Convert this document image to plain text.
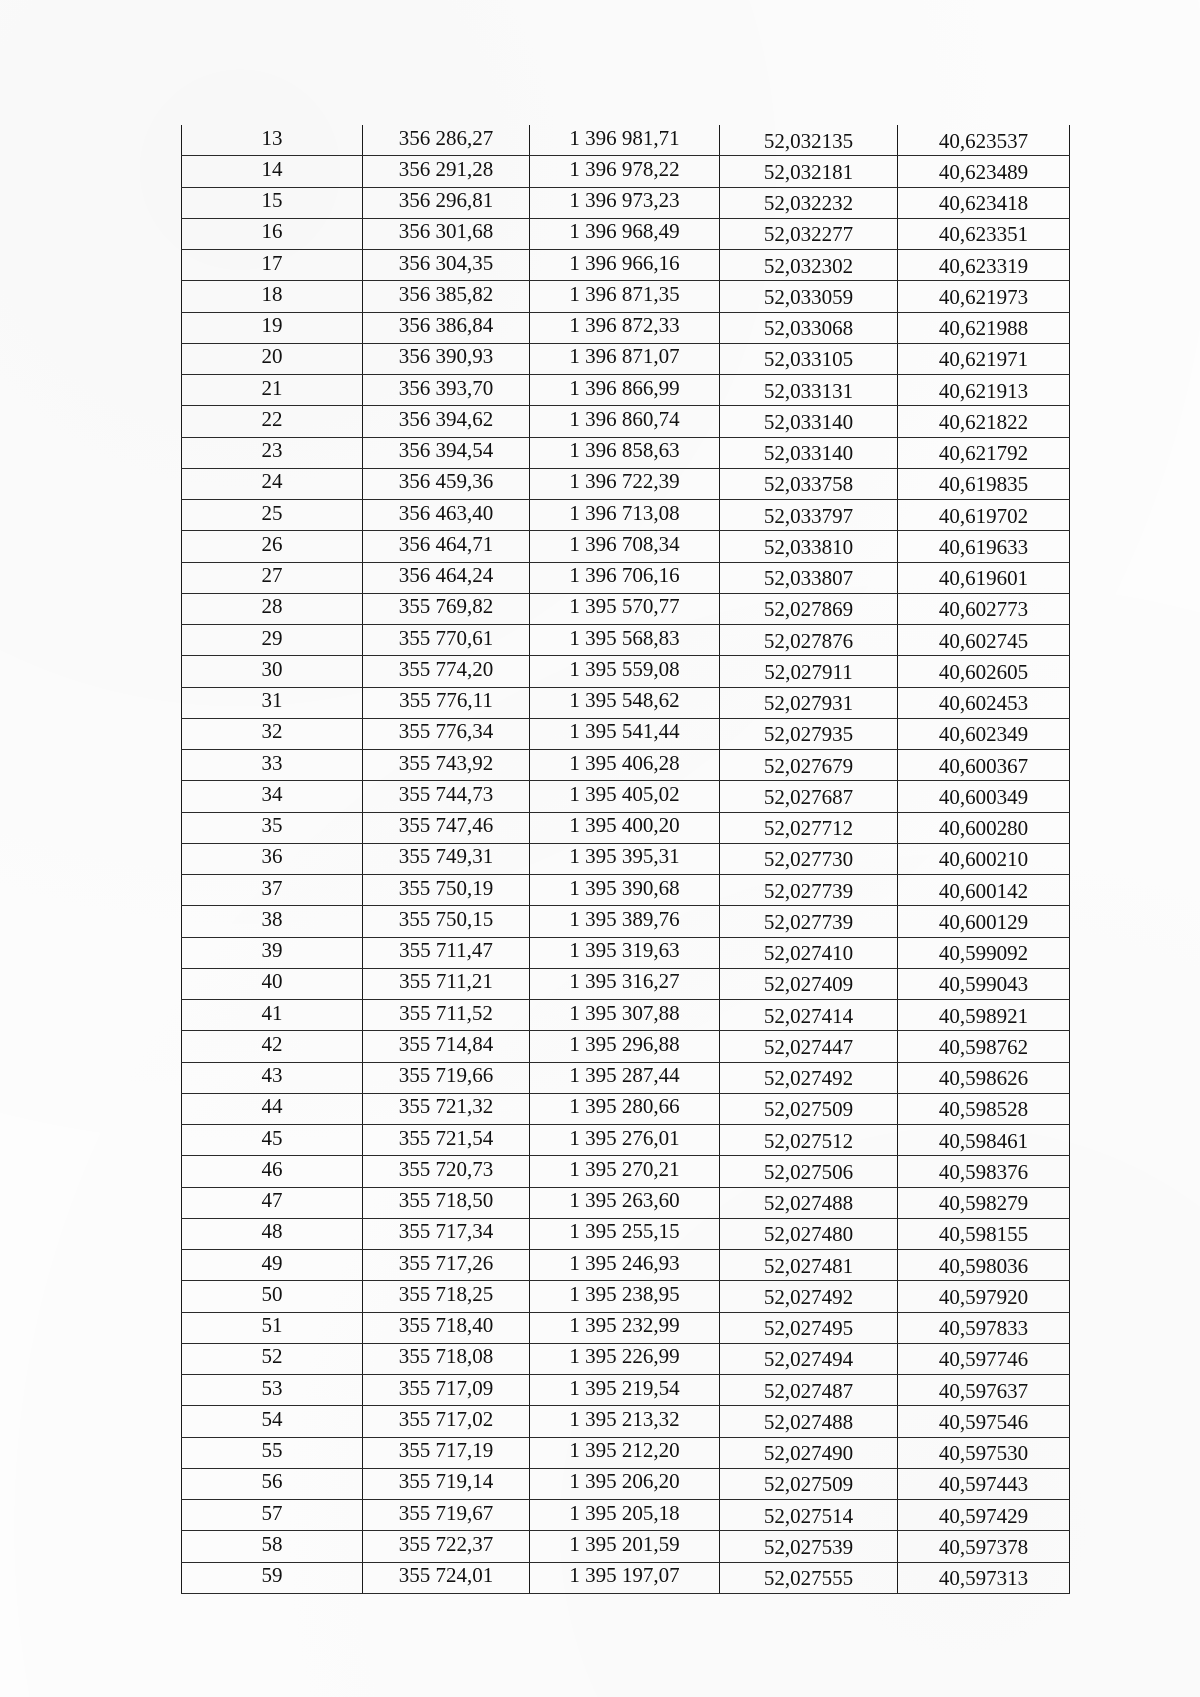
13	356 286,27	1 396 981,71	52,032135	40,623537
14	356 291,28	1 396 978,22	52,032181	40,623489
15	356 296,81	1 396 973,23	52,032232	40,623418
16	356 301,68	1 396 968,49	52,032277	40,623351
17	356 304,35	1 396 966,16	52,032302	40,623319
18	356 385,82	1 396 871,35	52,033059	40,621973
19	356 386,84	1 396 872,33	52,033068	40,621988
20	356 390,93	1 396 871,07	52,033105	40,621971
21	356 393,70	1 396 866,99	52,033131	40,621913
22	356 394,62	1 396 860,74	52,033140	40,621822
23	356 394,54	1 396 858,63	52,033140	40,621792
24	356 459,36	1 396 722,39	52,033758	40,619835
25	356 463,40	1 396 713,08	52,033797	40,619702
26	356 464,71	1 396 708,34	52,033810	40,619633
27	356 464,24	1 396 706,16	52,033807	40,619601
28	355 769,82	1 395 570,77	52,027869	40,602773
29	355 770,61	1 395 568,83	52,027876	40,602745
30	355 774,20	1 395 559,08	52,027911	40,602605
31	355 776,11	1 395 548,62	52,027931	40,602453
32	355 776,34	1 395 541,44	52,027935	40,602349
33	355 743,92	1 395 406,28	52,027679	40,600367
34	355 744,73	1 395 405,02	52,027687	40,600349
35	355 747,46	1 395 400,20	52,027712	40,600280
36	355 749,31	1 395 395,31	52,027730	40,600210
37	355 750,19	1 395 390,68	52,027739	40,600142
38	355 750,15	1 395 389,76	52,027739	40,600129
39	355 711,47	1 395 319,63	52,027410	40,599092
40	355 711,21	1 395 316,27	52,027409	40,599043
41	355 711,52	1 395 307,88	52,027414	40,598921
42	355 714,84	1 395 296,88	52,027447	40,598762
43	355 719,66	1 395 287,44	52,027492	40,598626
44	355 721,32	1 395 280,66	52,027509	40,598528
45	355 721,54	1 395 276,01	52,027512	40,598461
46	355 720,73	1 395 270,21	52,027506	40,598376
47	355 718,50	1 395 263,60	52,027488	40,598279
48	355 717,34	1 395 255,15	52,027480	40,598155
49	355 717,26	1 395 246,93	52,027481	40,598036
50	355 718,25	1 395 238,95	52,027492	40,597920
51	355 718,40	1 395 232,99	52,027495	40,597833
52	355 718,08	1 395 226,99	52,027494	40,597746
53	355 717,09	1 395 219,54	52,027487	40,597637
54	355 717,02	1 395 213,32	52,027488	40,597546
55	355 717,19	1 395 212,20	52,027490	40,597530
56	355 719,14	1 395 206,20	52,027509	40,597443
57	355 719,67	1 395 205,18	52,027514	40,597429
58	355 722,37	1 395 201,59	52,027539	40,597378
59	355 724,01	1 395 197,07	52,027555	40,597313
